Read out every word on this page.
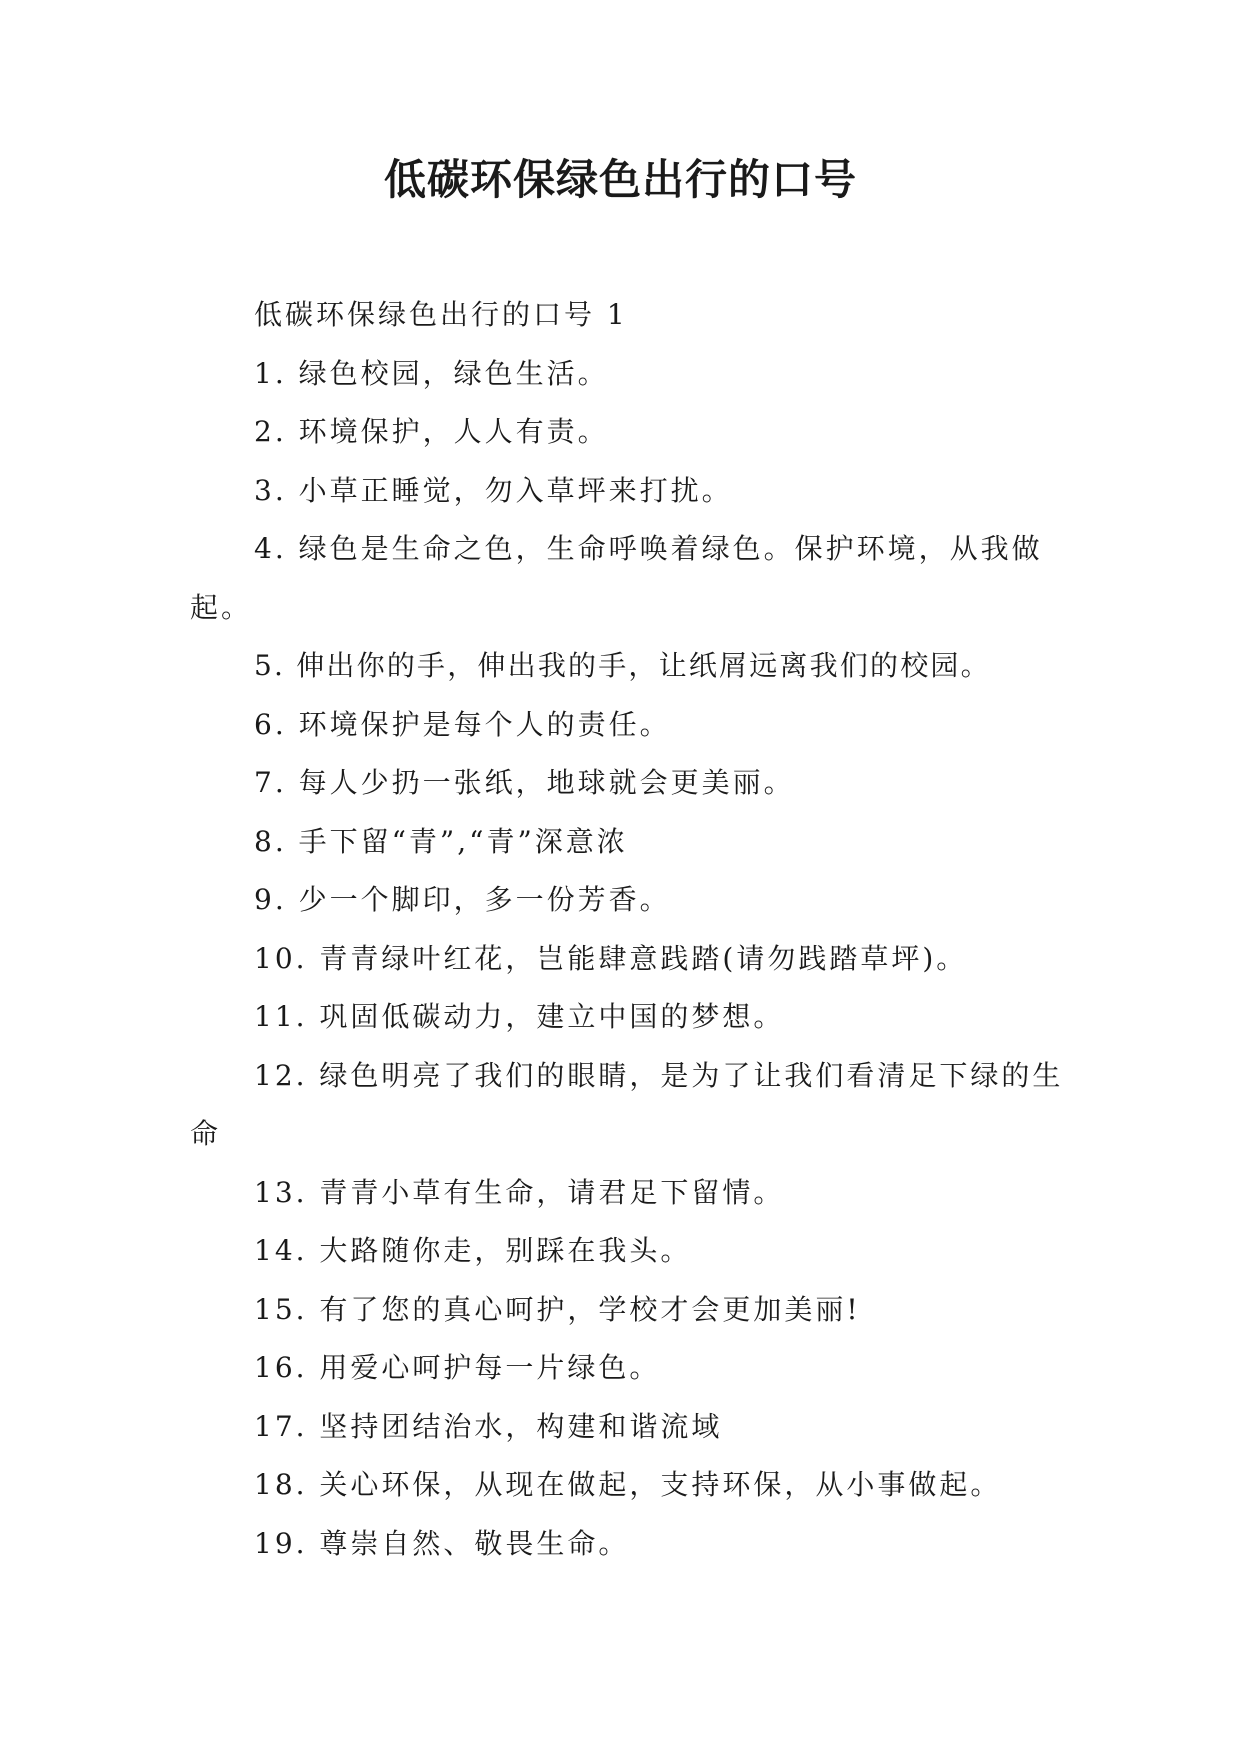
低碳环保绿色出行的口号

低碳环保绿色出行的口号 1

1. 绿色校园，绿色生活。

2. 环境保护，人人有责。

3. 小草正睡觉，勿入草坪来打扰。

4. 绿色是生命之色，生命呼唤着绿色。保护环境，从我做起。

5. 伸出你的手，伸出我的手，让纸屑远离我们的校园。

6. 环境保护是每个人的责任。

7. 每人少扔一张纸，地球就会更美丽。

8. 手下留“青”,“青”深意浓

9. 少一个脚印，多一份芳香。

10. 青青绿叶红花，岂能肆意践踏(请勿践踏草坪)。

11. 巩固低碳动力，建立中国的梦想。

12. 绿色明亮了我们的眼睛，是为了让我们看清足下绿的生命

13. 青青小草有生命，请君足下留情。

14. 大路随你走，别踩在我头。

15. 有了您的真心呵护，学校才会更加美丽!

16. 用爱心呵护每一片绿色。

17. 坚持团结治水，构建和谐流域

18. 关心环保，从现在做起，支持环保，从小事做起。

19. 尊崇自然、敬畏生命。
